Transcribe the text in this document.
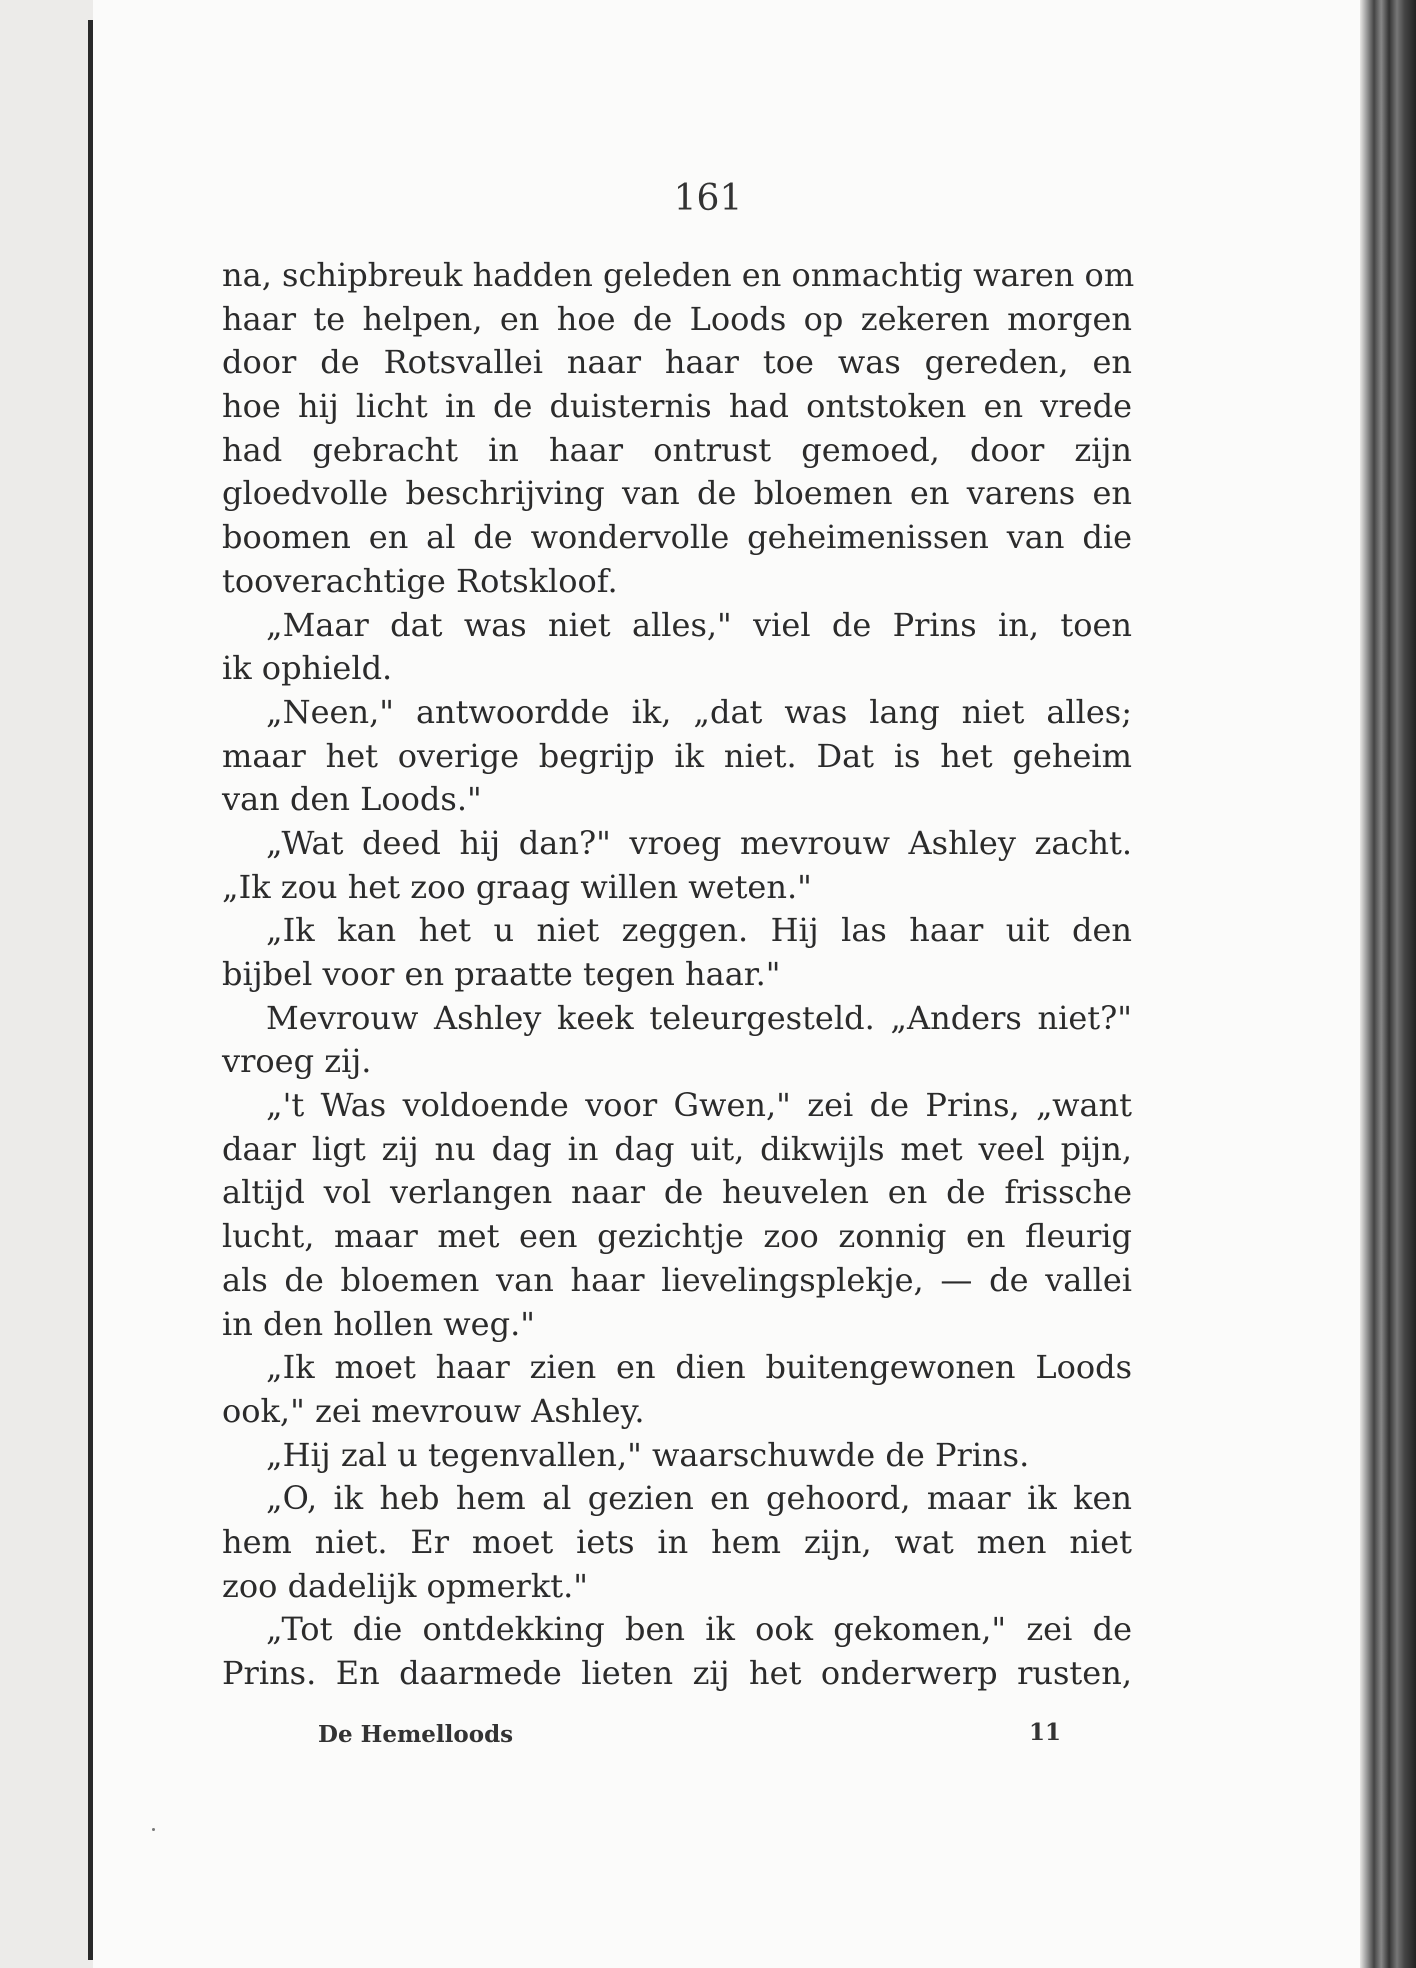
161
na, schipbreuk hadden geleden en onmachtig waren om
haar te helpen, en hoe de Loods op zekeren morgen
door de Rotsvallei naar haar toe was gereden, en
hoe hij licht in de duisternis had ontstoken en vrede
had gebracht in haar ontrust gemoed, door zijn
gloedvolle beschrijving van de bloemen en varens en
boomen en al de wondervolle geheimenissen van die
tooverachtige Rotskloof.
„Maar dat was niet alles," viel de Prins in, toen
ik ophield.
„Neen," antwoordde ik, „dat was lang niet alles;
maar het overige begrijp ik niet. Dat is het geheim
van den Loods."
„Wat deed hij dan?" vroeg mevrouw Ashley zacht.
„Ik zou het zoo graag willen weten."
„Ik kan het u niet zeggen. Hij las haar uit den
bijbel voor en praatte tegen haar."
Mevrouw Ashley keek teleurgesteld. „Anders niet?"
vroeg zij.
„'t Was voldoende voor Gwen," zei de Prins, „want
daar ligt zij nu dag in dag uit, dikwijls met veel pijn,
altijd vol verlangen naar de heuvelen en de frissche
lucht, maar met een gezichtje zoo zonnig en fleurig
als de bloemen van haar lievelingsplekje, — de vallei
in den hollen weg."
„Ik moet haar zien en dien buitengewonen Loods
ook," zei mevrouw Ashley.
„Hij zal u tegenvallen," waarschuwde de Prins.
„O, ik heb hem al gezien en gehoord, maar ik ken
hem niet. Er moet iets in hem zijn, wat men niet
zoo dadelijk opmerkt."
„Tot die ontdekking ben ik ook gekomen," zei de
Prins. En daarmede lieten zij het onderwerp rusten,
De Hemelloods	11
